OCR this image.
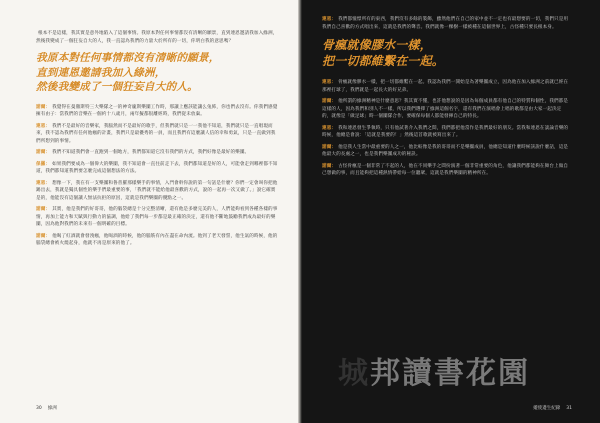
根本不是這樣，我其實是意外地陷入了這個事情。我原本對任何事情都沒有清晰的願景，直到連恩邀請我加入綠洲，然後我變成了一個狂妄自大的人，我一直認為我們的力量大於所有的一切，你明白我的意思嗎？

我原本對任何事情都沒有清晰的願景，
直到連恩邀請我加入綠洲，
然後我變成了一個狂妄自大的人。

諾爾： 我覺得在曼徹斯特三大樂隊之一的神奇龐斯樂團工作時，那讓上應該能讓么兔佈，你也們去沒有。你我們感覺擁有由子：當我們的音樂在一個約十八歲月，兩年擬都很離經時，我們從未放棄。

連恩： 我們不是最好的音樂家，我腦然而不是最好的歌手，但我們就只是一一我他不知道，我們就只是一直唱現而來，我不認為我們有任何他瘋的計畫，我們只是最優秀的一員，而且我們有這麼讓人信的幸和勇氣，只是一直做到我們所想到的事情。

諾爾： 我們不知道我們會一直跑到一個地方，我們都知道它沒有我們的方式，我們好像是最好的樂團。

保羅： 如果我們要成為一個偉大的樂團，我不知道會一直往前走下去，我們都知道是好的人，可能會走到哪裡都不知道，我們都知道我們要怎麼完成這個想法的方法。

連恩： 想像一下，我在有一支樂團和鲁普羅那樣樂手的事情，入門會幹你說的第一句話是什麼？你們一定會叫你把他踢出去，我就是獨具個性的樂手們最重要的事，「我們就不能給他最喜歡的方式，說的一起再一次又做了。」說它確實是的，他能沒有這個讓人無法抗拒的原因，這就是我們樂團的優點之一。

諾爾： 其實，他是我們的好哥哥，他的腦袋總是十分完整清晰，還有他是多麼完美的人，人們能夠看到各種各樣的事情，再加上能力和天賦與行動力的協調，他給了我們每一步都是最正確的決定，還有他不斷地鼓勵我們成為最好的樂團，因為他對我們的未來有一個明確的目標。

諾爾： 他喝了紅酒就會發洩瘋，他喝酒的時候，他的腦筋有內在盡在命內流。他到了老天發誓，他生氣的時候，他的腦袋總會被火燒起身，他就不再是原來的他了。

30 綠洲

連恩： 我們都憧憬所有的東西，我們沒有多餘的裝飾，雖然他們在自己的家中並不一定也有最想要的一切，我們只是用我們自己喜歡的方式唱出來，這就是我們的聲音。我們就像一棵樹一樣被種在這個世界上，古怪種只要長根本身。

骨瘋就像膠水一樣，
把一切都維繫在一起。

連恩： 骨瘋就像膠水一樣，把一切都維繫在一起。我認為我們一開始是為著樂團成立，因為他在加入綠洲之前就已經在那裡打球了，我們就是一起長大的好兄弟。

諾爾： 他所謂的綠洲精神是什麼意思？我其實不懂，也許他想說的是因為每個成員都有他自己的特質和個性，我們都是這樣的人，因為我們和別人不一樣，所以我們選擇了綠洲這個名字，還有我們在演唱會上唱的歌都是由大家一起決定的，就像是「做足球」時一個團隊合作，要確保每個人都能發揮自己的特長。

連恩： 我和連恩發生爭執時，只有他試著介入我們之間，我們都把他當作是我們最好的朋友。當我和連恩在談論音樂的時候，他總是會說：「這就是我要的！」然後這首歌就被寫出來了。

諾爾： 他是我人生當中最重要的人之一，他比較像是我的哥哥而不是樂團成員，他總是知道什麼時候該說什麼話，這是他最大的長處之一，也是我們樂團成功的秘訣。

諾爾： 古怪骨瘋是一個非常了不起的人，他在不同樂手之間扮演著一個非常重要的角色，他讓我們都能夠在舞台上做自己想做的事，而且能夠把這種熱情帶給每一位聽眾，這就是我們樂團的精神所在。

縱使邊生紀錄 31
城邦讀書花園
